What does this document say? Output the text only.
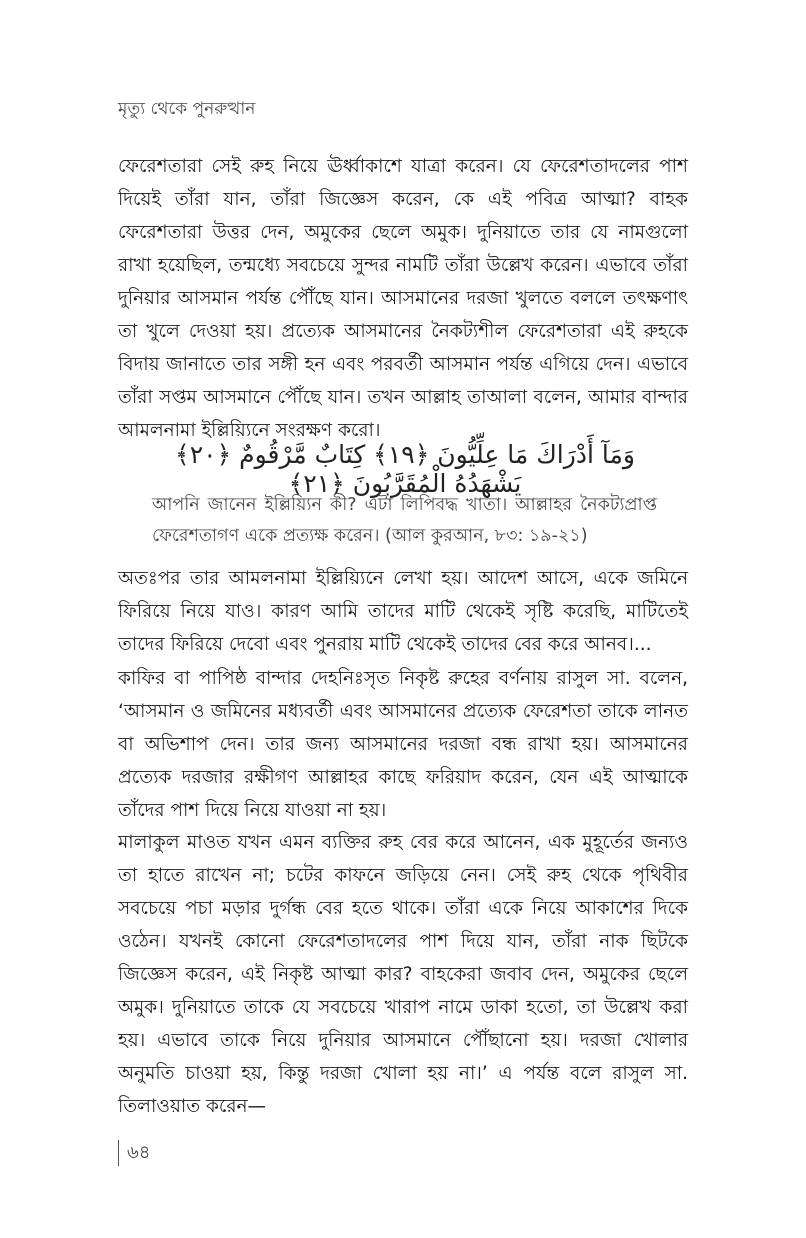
মৃত্যু থেকে পুনরুত্থান

ফেরেশতারা সেই রুহ নিয়ে ঊর্ধ্বাকাশে যাত্রা করেন। যে ফেরেশতাদলের পাশ দিয়েই তাঁরা যান, তাঁরা জিজ্ঞেস করেন, কে এই পবিত্র আত্মা? বাহক ফেরেশতারা উত্তর দেন, অমুকের ছেলে অমুক। দুনিয়াতে তার যে নামগুলো রাখা হয়েছিল, তন্মধ্যে সবচেয়ে সুন্দর নামটি তাঁরা উল্লেখ করেন। এভাবে তাঁরা দুনিয়ার আসমান পর্যন্ত পৌঁছে যান। আসমানের দরজা খুলতে বললে তৎক্ষণাৎ তা খুলে দেওয়া হয়। প্রত্যেক আসমানের নৈকট্যশীল ফেরেশতারা এই রুহকে বিদায় জানাতে তার সঙ্গী হন এবং পরবর্তী আসমান পর্যন্ত এগিয়ে দেন। এভাবে তাঁরা সপ্তম আসমানে পৌঁছে যান। তখন আল্লাহ তাআলা বলেন, আমার বান্দার আমলনামা ইল্লিয়্যিনে সংরক্ষণ করো।

وَمَآ أَدْرَاكَ مَا عِلِّيُّونَ ﴿١٩﴾ كِتَابٌ مَّرْقُومٌ ﴿٢٠﴾ يَشْهَدُهُ الْمُقَرَّبُونَ ﴿٢١﴾
আপনি জানেন ইল্লিয়্যিন কী? এটা লিপিবদ্ধ খাতা। আল্লাহর নৈকট্যপ্রাপ্ত ফেরেশতাগণ একে প্রত্যক্ষ করেন। (আল কুরআন, ৮৩: ১৯-২১)

অতঃপর তার আমলনামা ইল্লিয়্যিনে লেখা হয়। আদেশ আসে, একে জমিনে ফিরিয়ে নিয়ে যাও। কারণ আমি তাদের মাটি থেকেই সৃষ্টি করেছি, মাটিতেই তাদের ফিরিয়ে দেবো এবং পুনরায় মাটি থেকেই তাদের বের করে আনব।...

কাফির বা পাপিষ্ঠ বান্দার দেহনিঃসৃত নিকৃষ্ট রুহের বর্ণনায় রাসুল সা. বলেন, ‘আসমান ও জমিনের মধ্যবর্তী এবং আসমানের প্রত্যেক ফেরেশতা তাকে লানত বা অভিশাপ দেন। তার জন্য আসমানের দরজা বন্ধ রাখা হয়। আসমানের প্রত্যেক দরজার রক্ষীগণ আল্লাহর কাছে ফরিয়াদ করেন, যেন এই আত্মাকে তাঁদের পাশ দিয়ে নিয়ে যাওয়া না হয়।

মালাকুল মাওত যখন এমন ব্যক্তির রুহ বের করে আনেন, এক মুহূর্তের জন্যও তা হাতে রাখেন না; চটের কাফনে জড়িয়ে নেন। সেই রুহ থেকে পৃথিবীর সবচেয়ে পচা মড়ার দুর্গন্ধ বের হতে থাকে। তাঁরা একে নিয়ে আকাশের দিকে ওঠেন। যখনই কোনো ফেরেশতাদলের পাশ দিয়ে যান, তাঁরা নাক ছিটকে জিজ্ঞেস করেন, এই নিকৃষ্ট আত্মা কার? বাহকেরা জবাব দেন, অমুকের ছেলে অমুক। দুনিয়াতে তাকে যে সবচেয়ে খারাপ নামে ডাকা হতো, তা উল্লেখ করা হয়। এভাবে তাকে নিয়ে দুনিয়ার আসমানে পৌঁছানো হয়। দরজা খোলার অনুমতি চাওয়া হয়, কিন্তু দরজা খোলা হয় না।’ এ পর্যন্ত বলে রাসুল সা. তিলাওয়াত করেন—

৬৪
